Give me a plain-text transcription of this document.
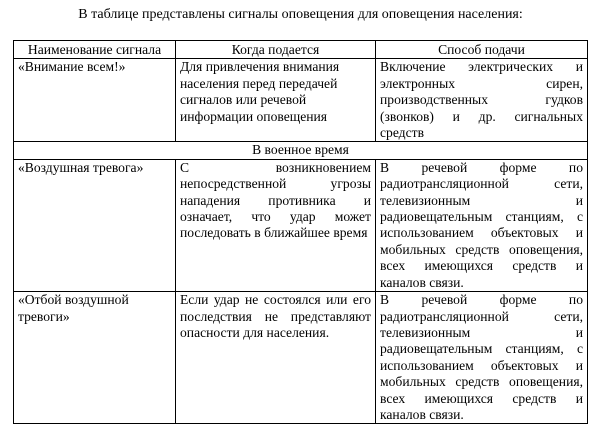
В таблице представлены сигналы оповещения для оповещения населения:
Наименование сигнала	Когда подается	Способ подачи
«Внимание всем!»	Для привлечения внимания населения перед передачей сигналов или речевой информации оповещения	Включение электрических и электронных сирен, производственных гудков (звонков) и др. сигнальных средств
В военное время		
«Воздушная тревога»	С возникновением непосредственной угрозы нападения противника и означает, что удар может последовать в ближайшее время	В речевой форме по радиотрансляционной сети, телевизионным и радиовещательным станциям, с использованием объектовых и мобильных средств оповещения, всех имеющихся средств и каналов связи.
«Отбой воздушной тревоги»	Если удар не состоялся или его последствия не представляют опасности для населения.	В речевой форме по радиотрансляционной сети, телевизионным и радиовещательным станциям, с использованием объектовых и мобильных средств оповещения, всех имеющихся средств и каналов связи.
